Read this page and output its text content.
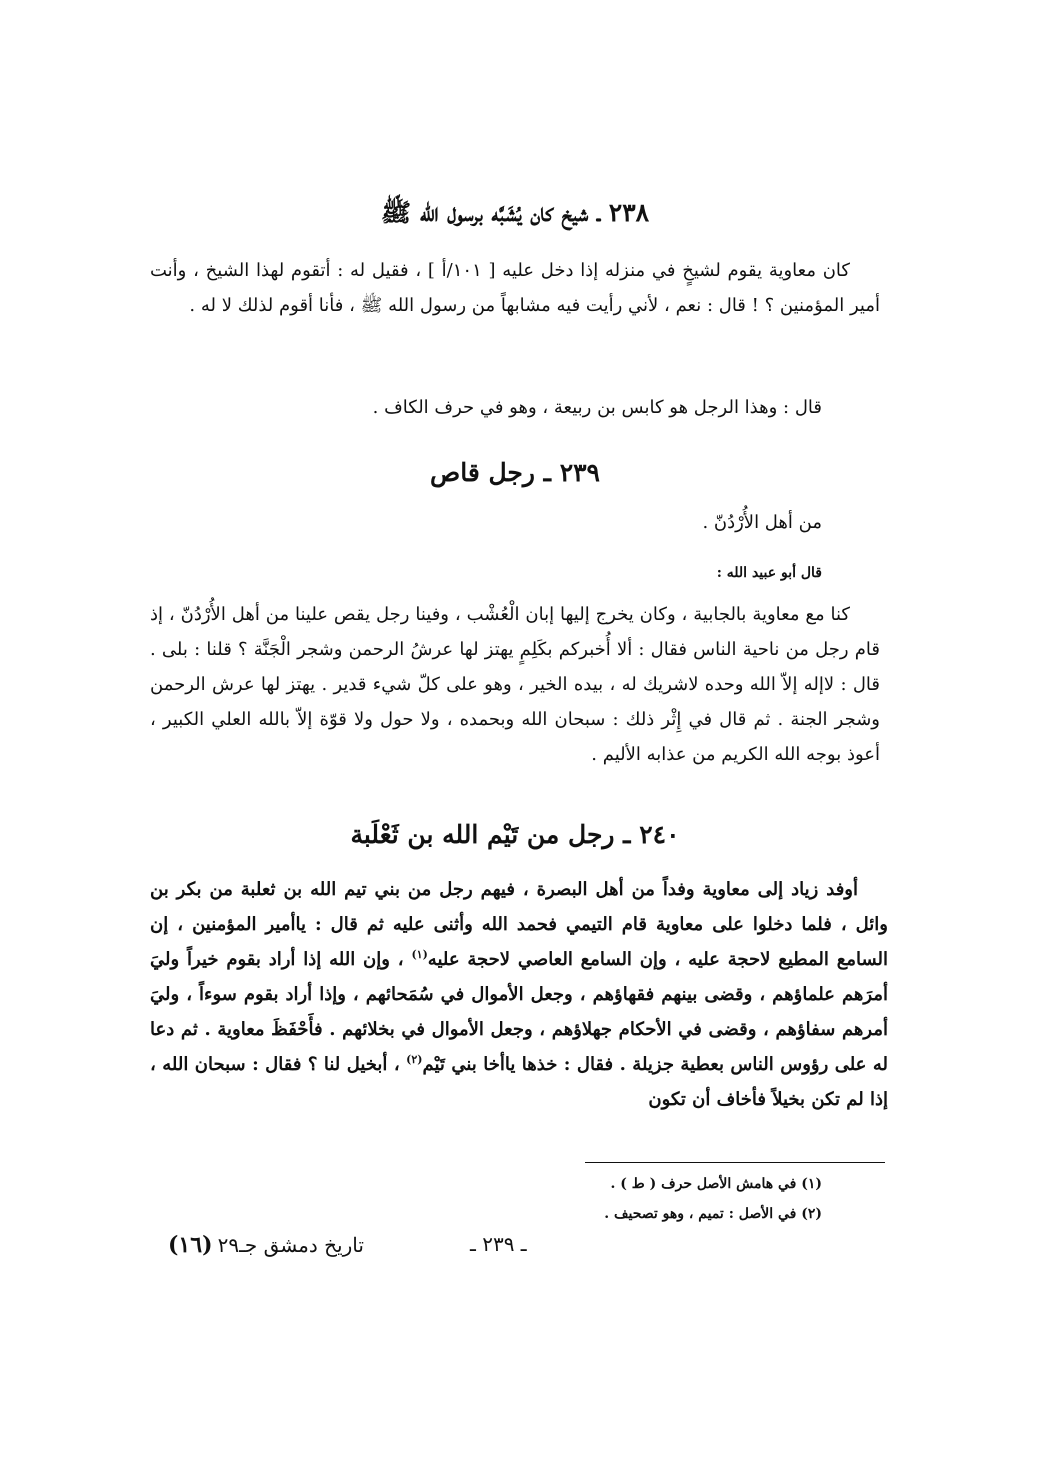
٢٣٨ ـ شيخ كان يُشَبَّه برسول الله ﷺ
كان معاوية يقوم لشيخٍ في منزله إذا دخل عليه [ ١٠١/أ ] ، فقيل له : أتقوم لهذا الشيخ ، وأنت أمير المؤمنين ؟ ! قال : نعم ، لأني رأيت فيه مشابهاً من رسول الله ﷺ ، فأنا أقوم لذلك لا له .
قال : وهذا الرجل هو كابس بن ربيعة ، وهو في حرف الكاف .
٢٣٩ ـ رجل قاص
من أهل الأُرْدُنّ .
قال أبو عبيد الله :
كنا مع معاوية بالجابية ، وكان يخرج إليها إبان الْعُشْب ، وفينا رجل يقص علينا من أهل الأُرْدُنّ ، إذ قام رجل من ناحية الناس فقال : ألا أُخبركم بكَلِمٍ يهتز لها عرشُ الرحمن وشجر الْجَنَّة ؟ قلنا : بلى . قال : لاإله إلاّ الله وحده لاشريك له ، بيده الخير ، وهو على كلّ شيء قدير . يهتز لها عرش الرحمن وشجر الجنة . ثم قال في إِثْر ذلك : سبحان الله وبحمده ، ولا حول ولا قوّة إلاّ بالله العلي الكبير ، أعوذ بوجه الله الكريم من عذابه الأليم .
٢٤٠ ـ رجل من تَيْم الله بن ثَعْلَبة
أوفد زياد إلى معاوية وفداً من أهل البصرة ، فيهم رجل من بني تيم الله بن ثعلبة من بكر بن وائل ، فلما دخلوا على معاوية قام التيمي فحمد الله وأثنى عليه ثم قال : ياأمير المؤمنين ، إن السامع المطيع لاحجة عليه ، وإن السامع العاصي لاحجة عليه$^{(١)}$ ، وإن الله إذا أراد بقوم خيراً وليَ أمرَهم علماؤهم ، وقضى بينهم فقهاؤهم ، وجعل الأموال في سُمَحائهم ، وإذا أراد بقوم سوءاً ، وليَ أمرهم سفاؤهم ، وقضى في الأحكام جهلاؤهم ، وجعل الأموال في بخلائهم . فأَحْفَظَ معاوية . ثم دعا له على رؤوس الناس بعطية جزيلة . فقال : خذها ياأخا بني تَيْم$^{(٢)}$ ، أبخيل لنا ؟ فقال : سبحان الله ، إذا لم تكن بخيلاً فأخاف أن تكون
(١) في هامش الأصل حرف ( ط ) .
(٢) في الأصل : تميم ، وهو تصحيف .
ـ ٢٣٩ ـ
تاريخ دمشق جـ٢٩ (١٦)
